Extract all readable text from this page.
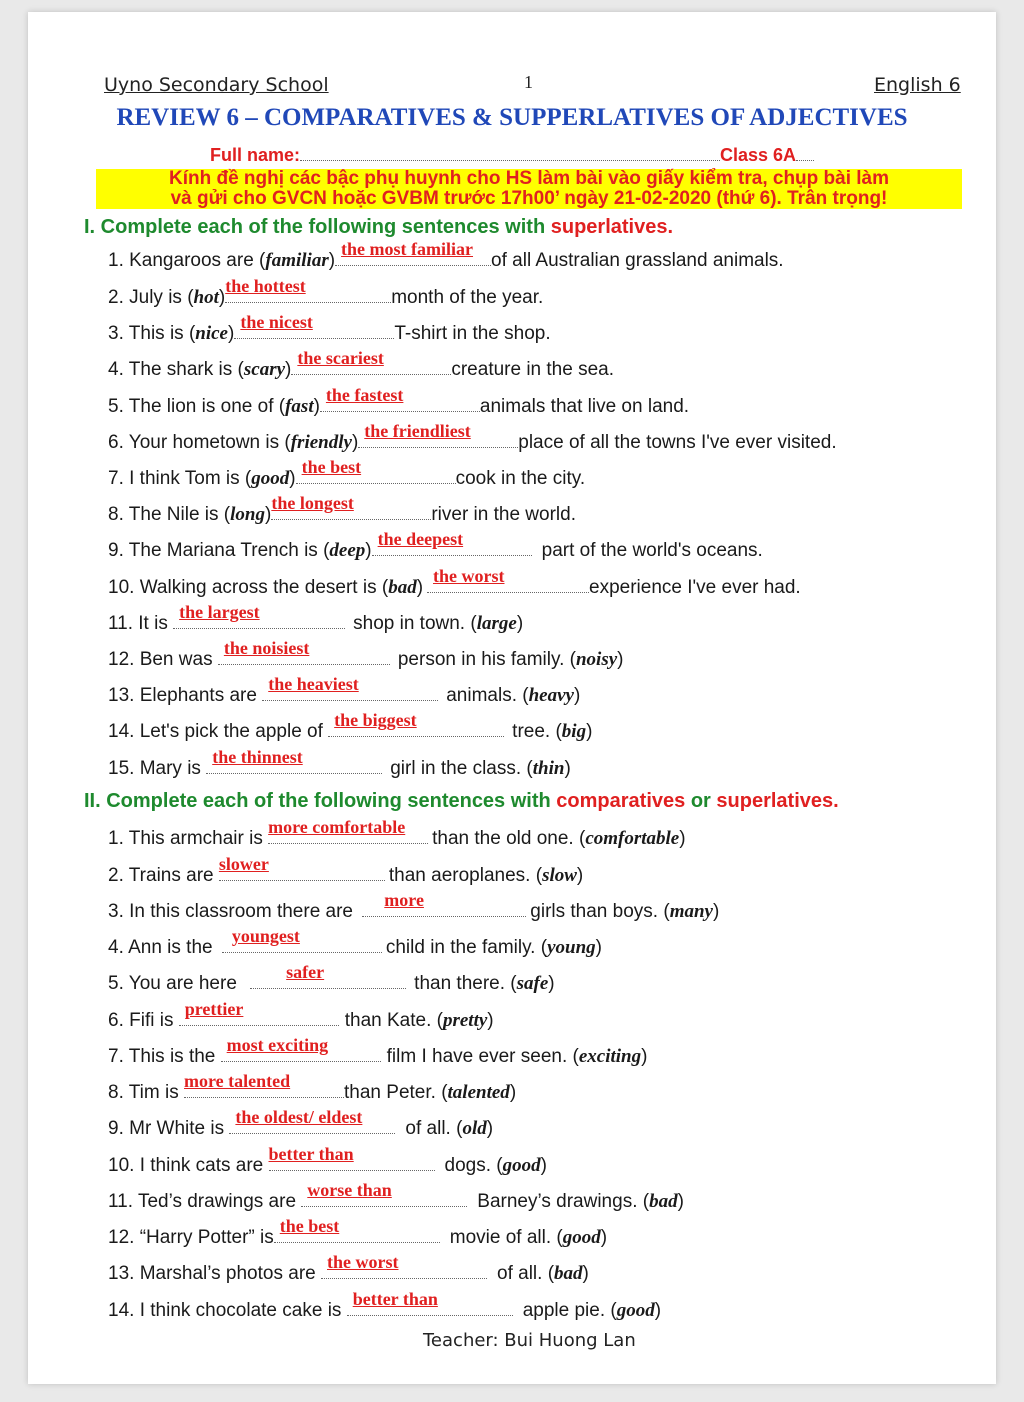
Uyno Secondary School	1	English 6
REVIEW 6 – COMPARATIVES & SUPPERLATIVES OF ADJECTIVES
Full name:	Class 6A
Kính đề nghị các bậc phụ huynh cho HS làm bài vào giấy kiểm tra, chụp bài làm
và gửi cho GVCN hoặc GVBM trước 17h00’ ngày 21-02-2020 (thứ 6). Trân trọng!
I. Complete each of the following sentences with superlatives.
1. Kangaroos are (familiar)
the most familiar
of all Australian grassland animals.
2. July is (hot)
the hottest
month of the year.
3. This is (nice)
the nicest
T-shirt in the shop.
4. The shark is (scary)
the scariest
creature in the sea.
5. The lion is one of (fast)
the fastest
animals that live on land.
6. Your hometown is (friendly)
the friendliest
place of all the towns I've ever visited.
7. I think Tom is (good)
the best
cook in the city.
8. The Nile is (long)
the longest
river in the world.
9. The Mariana Trench is (deep)
the deepest
part of the world's oceans.
10. Walking across the desert is (bad)
the worst
experience I've ever had.
11. It is
the largest
shop in town. (large)
12. Ben was
the noisiest
person in his family. (noisy)
13. Elephants are
the heaviest
animals. (heavy)
14. Let's pick the apple of
the biggest
tree. (big)
15. Mary is
the thinnest
girl in the class. (thin)
II. Complete each of the following sentences with comparatives or superlatives.
1. This armchair is
more comfortable
than the old one. (comfortable)
2. Trains are
slower
than aeroplanes. (slow)
3. In this classroom there are
more
girls than boys. (many)
4. Ann is the
youngest
child in the family. (young)
5. You are here
safer
than there. (safe)
6. Fifi is
prettier
than Kate. (pretty)
7. This is the
most exciting
film I have ever seen. (exciting)
8. Tim is
more talented
than Peter. (talented)
9. Mr White is
the oldest/ eldest
of all. (old)
10. I think cats are
better than
dogs. (good)
11. Ted’s drawings are
worse than
Barney’s drawings. (bad)
12. “Harry Potter” is
the best
movie of all. (good)
13. Marshal’s photos are
the worst
of all. (bad)
14. I think chocolate cake is
better than
apple pie. (good)
Teacher: Bui Huong Lan
